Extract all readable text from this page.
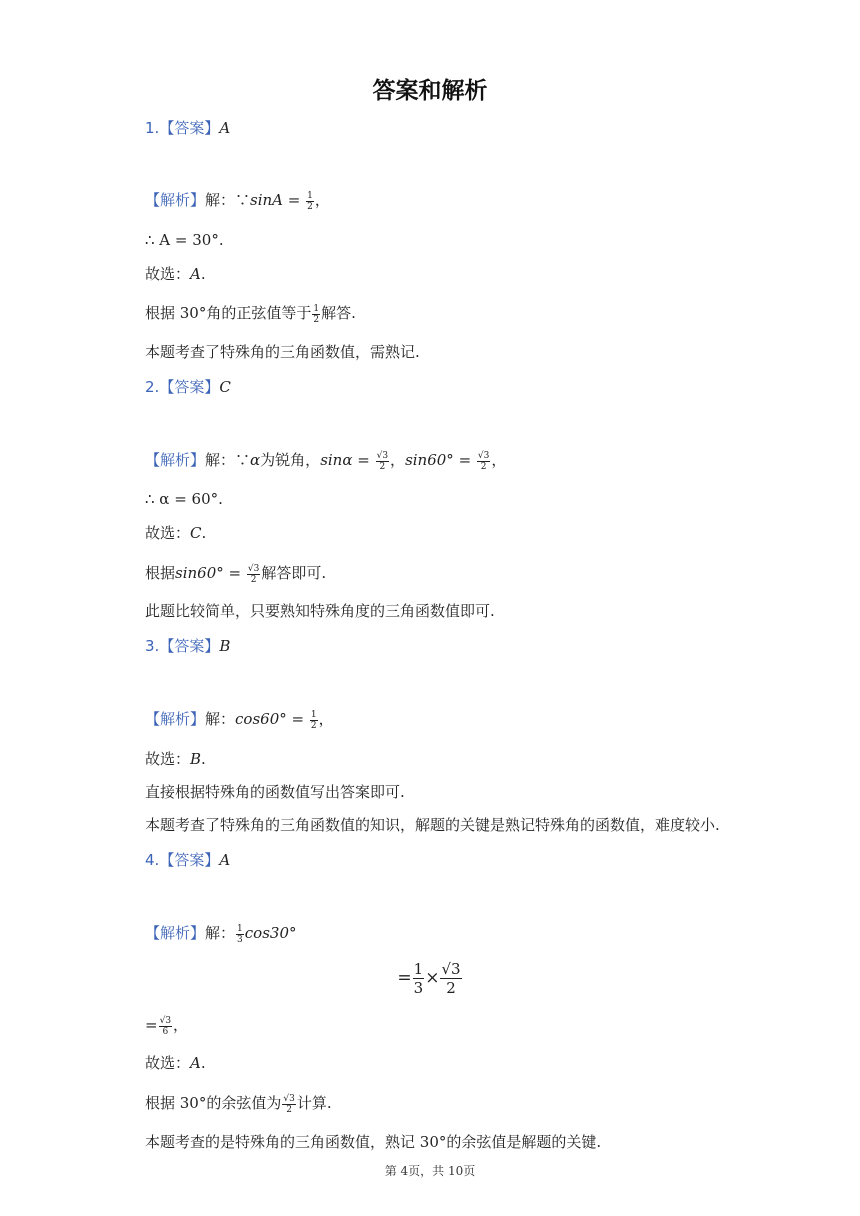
答案和解析
1.【答案】A
【解析】解：∵sinA = $\frac{1}{2}$ ，
∴ A = 30°.
故选：A.
根据 30°角的正弦值等于 $\frac{1}{2}$ 解答.
本题考查了特殊角的三角函数值，需熟记.
2.【答案】C
【解析】解：∵α为锐角，$\sin\alpha = \frac{√3}{2}$ ，$\sin 60^\circ = \frac{√3}{2}$ ，
∴ α = 60°.
故选：C.
根据$\sin 60^\circ = \frac{√3}{2}$ 解答即可.
此题比较简单，只要熟知特殊角度的三角函数值即可.
3.【答案】B
【解析】解：$\cos 60^\circ = \frac{1}{2}$ ，
故选：B.
直接根据特殊角的函数值写出答案即可.
本题考查了特殊角的三角函数值的知识，解题的关键是熟记特殊角的函数值，难度较小.
4.【答案】A
【解析】解： $\frac{1}{3} \cos 30^\circ$
= $\frac{1}{3} \times \frac{√3}{2}$
= $\frac{√3}{6}$ ，
故选：A.
根据 30°的余弦值为 $\frac{√3}{2}$ 计算.
本题考查的是特殊角的三角函数值，熟记 30°的余弦值是解题的关键.
第 4页，共 10页
